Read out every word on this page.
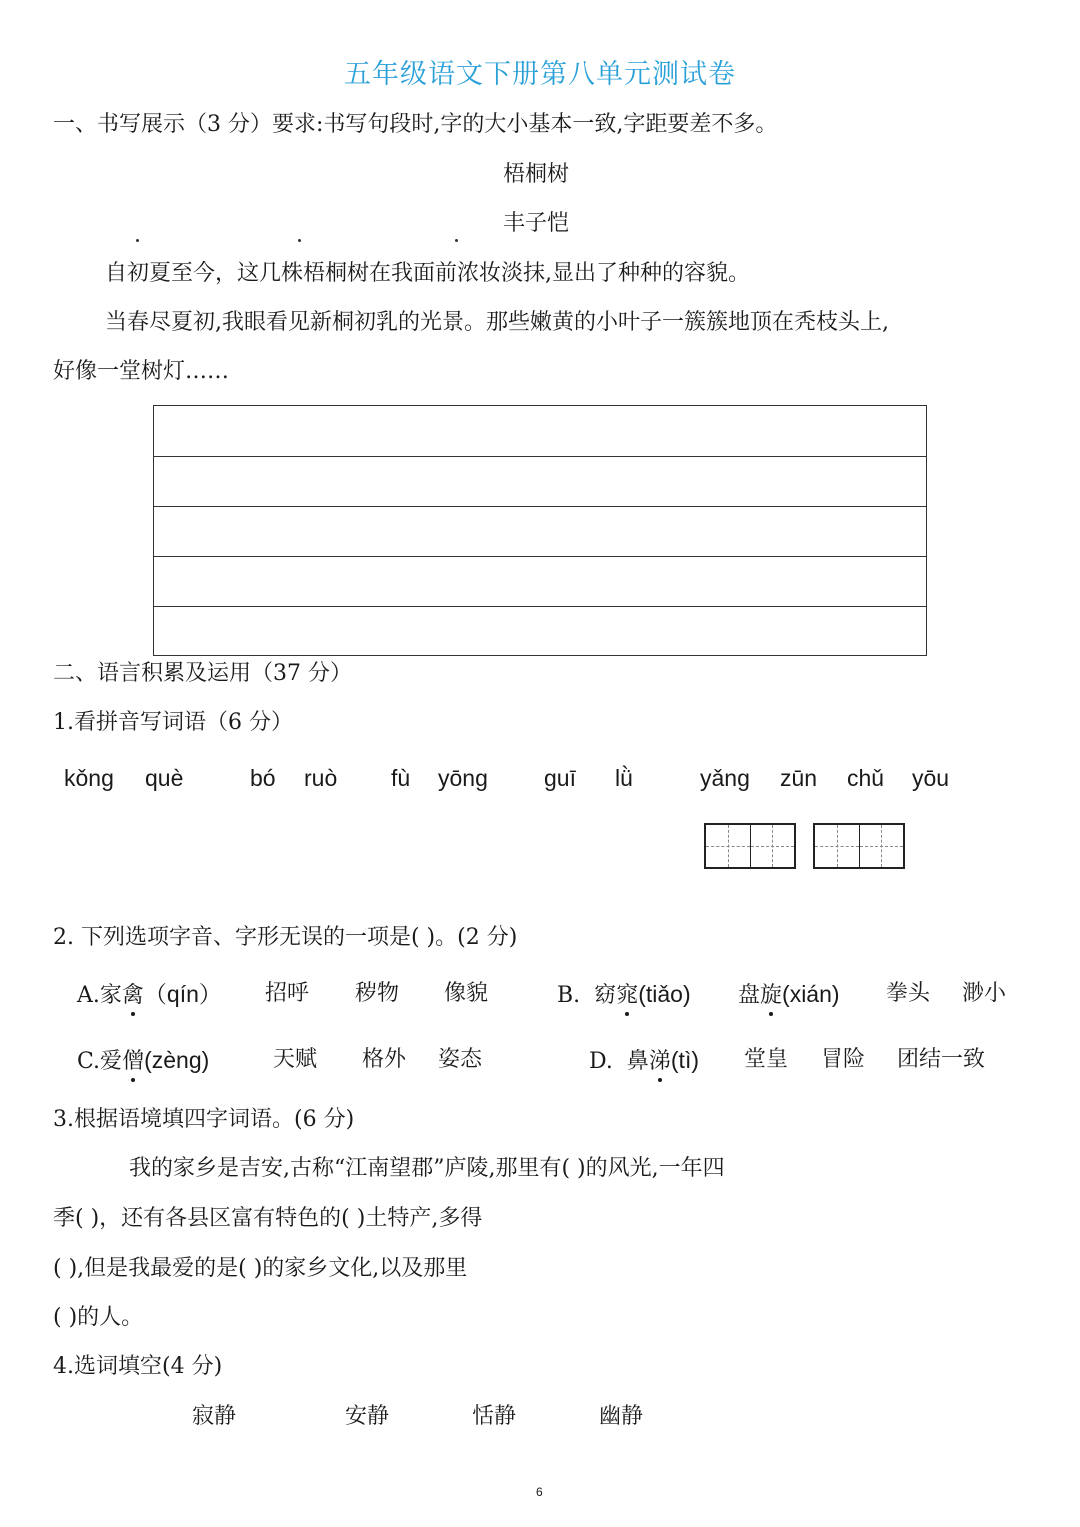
五年级语文下册第八单元测试卷
一、书写展示（3 分）要求:书写句段时,字的大小基本一致,字距要差不多。
梧桐树
丰子恺
自初夏至今，这几株梧桐树在我面前浓妆淡抹,显出了种种的容貌。
当春尽夏初,我眼看见新桐初乳的光景。那些嫩黄的小叶子一簇簇地顶在秃枝头上,
好像一堂树灯……
二、语言积累及运用（37 分）
1.看拼音写词语（6 分）
kǒng què	bó ruò fù yōng guī lǜ	yǎng zūn chǔ yōu
2. 下列选项字音、字形无误的一项是( )。(2 分)
A.家禽（qín） 招呼 秽物 像貌	B. 窈窕(tiǎo) 盘旋(xián) 拳头 渺小
C.爱僧(zèng)	天赋 格外 姿态	D. 鼻涕(tì) 堂皇 冒险 团结一致
3.根据语境填四字词语。(6 分)
我的家乡是吉安,古称“江南望郡”庐陵,那里有( )的风光,一年四
季( )，还有各县区富有特色的( )土特产,多得
( ),但是我最爱的是( )的家乡文化,以及那里
( )的人。
4.选词填空(4 分)
寂静	安静	恬静	幽静
6
